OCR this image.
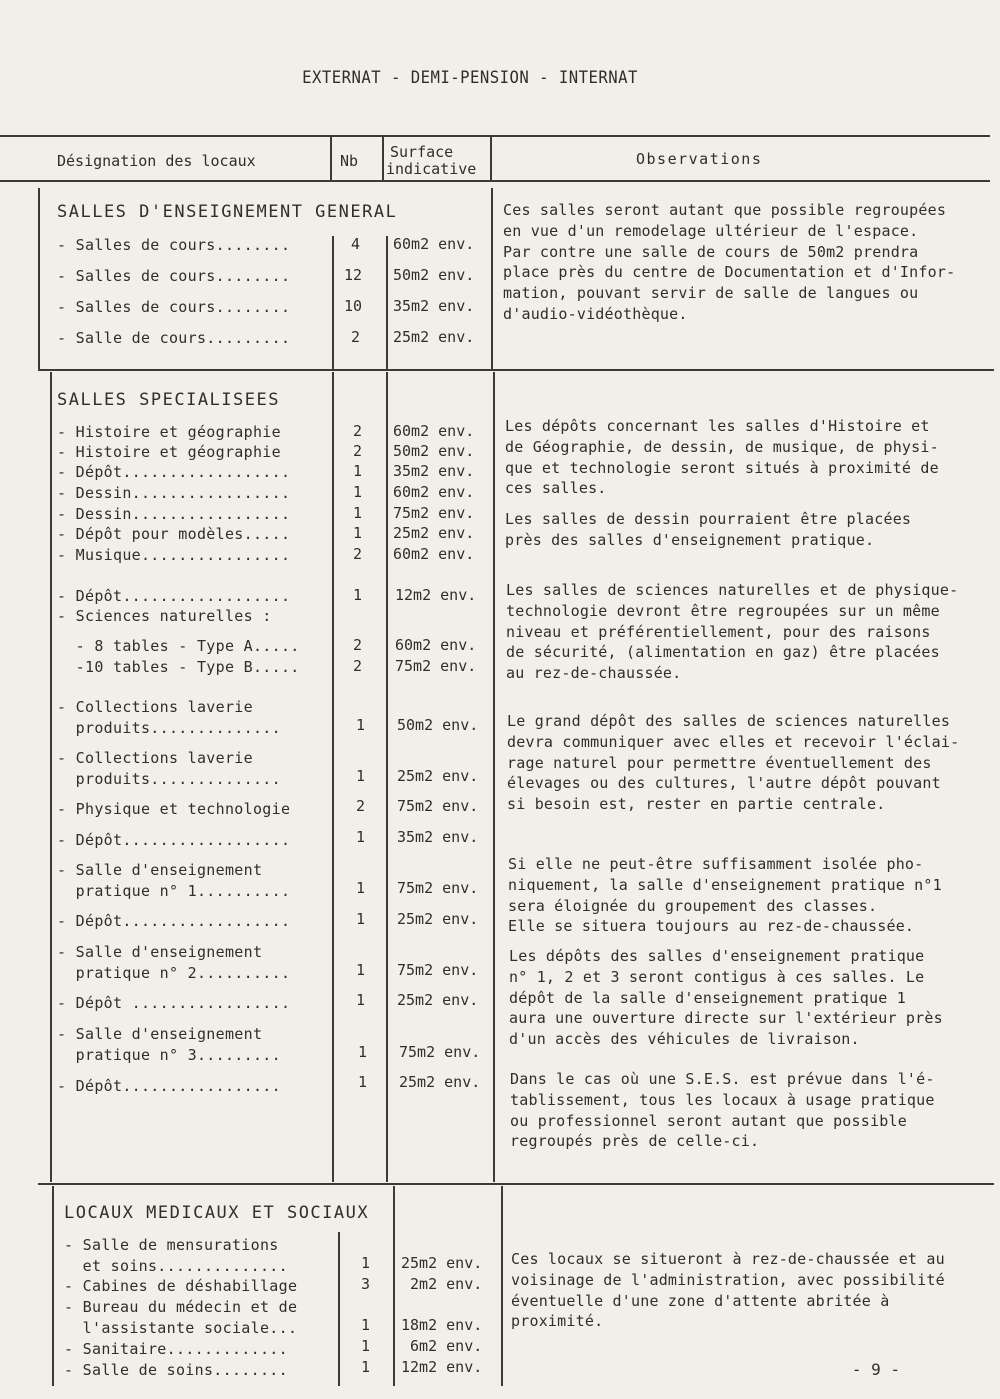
EXTERNAT - DEMI-PENSION - INTERNAT
Désignation des locaux	Nb Surface
indicative
Observations
SALLES D'ENSEIGNEMENT GENERAL
- Salles de cours........	4 60m2 env.
- Salles de cours........	12 50m2 env.
- Salles de cours........	10 35m2 env.
- Salle de cours.........	2 25m2 env.
Ces salles seront autant que possible regroupées
en vue d'un remodelage ultérieur de l'espace.
Par contre une salle de cours de 50m2 prendra
place près du centre de Documentation et d'Infor-
mation, pouvant servir de salle de langues ou
d'audio-vidéothèque.
SALLES SPECIALISEES
- Histoire et géographie	2 60m2 env.
- Histoire et géographie	2 50m2 env.
- Dépôt..................	1 35m2 env.
- Dessin.................	1 60m2 env.
- Dessin.................	1 75m2 env.
- Dépôt pour modèles.....	1 25m2 env.
- Musique................	2 60m2 env.
- Dépôt..................	1 12m2 env.
- Sciences naturelles :
- 8 tables - Type A.....	2 60m2 env.
-10 tables - Type B.....	2 75m2 env.
- Collections laverie
produits..............	1 50m2 env.
- Collections laverie
produits..............	1 25m2 env.
- Physique et technologie	2 75m2 env.
- Dépôt..................	1 35m2 env.
- Salle d'enseignement
pratique n° 1..........	1 75m2 env.
- Dépôt..................	1 25m2 env.
- Salle d'enseignement
pratique n° 2..........	1 75m2 env.
- Dépôt .................	1 25m2 env.
- Salle d'enseignement
pratique n° 3.........	1 75m2 env.
- Dépôt.................	1 25m2 env.
Les dépôts concernant les salles d'Histoire et
de Géographie, de dessin, de musique, de physi-
que et technologie seront situés à proximité de
ces salles.
Les salles de dessin pourraient être placées
près des salles d'enseignement pratique.
Les salles de sciences naturelles et de physique-
technologie devront être regroupées sur un même
niveau et préférentiellement, pour des raisons
de sécurité, (alimentation en gaz) être placées
au rez-de-chaussée.
Le grand dépôt des salles de sciences naturelles
devra communiquer avec elles et recevoir l'éclai-
rage naturel pour permettre éventuellement des
élevages ou des cultures, l'autre dépôt pouvant
si besoin est, rester en partie centrale.
Si elle ne peut-être suffisamment isolée pho-
niquement, la salle d'enseignement pratique n°1
sera éloignée du groupement des classes.
Elle se situera toujours au rez-de-chaussée.
Les dépôts des salles d'enseignement pratique
n° 1, 2 et 3 seront contigus à ces salles. Le
dépôt de la salle d'enseignement pratique 1
aura une ouverture directe sur l'extérieur près
d'un accès des véhicules de livraison.
Dans le cas où une S.E.S. est prévue dans l'é-
tablissement, tous les locaux à usage pratique
ou professionnel seront autant que possible
regroupés près de celle-ci.
LOCAUX MEDICAUX ET SOCIAUX
- Salle de mensurations
et soins..............	1 25m2 env.
- Cabines de déshabillage	3 2m2 env.
- Bureau du médecin et de
l'assistante sociale...	1 18m2 env.
- Sanitaire.............	1 6m2 env.
- Salle de soins........	1 12m2 env.
Ces locaux se situeront à rez-de-chaussée et au
voisinage de l'administration, avec possibilité
éventuelle d'une zone d'attente abritée à
proximité.
- 9 -
